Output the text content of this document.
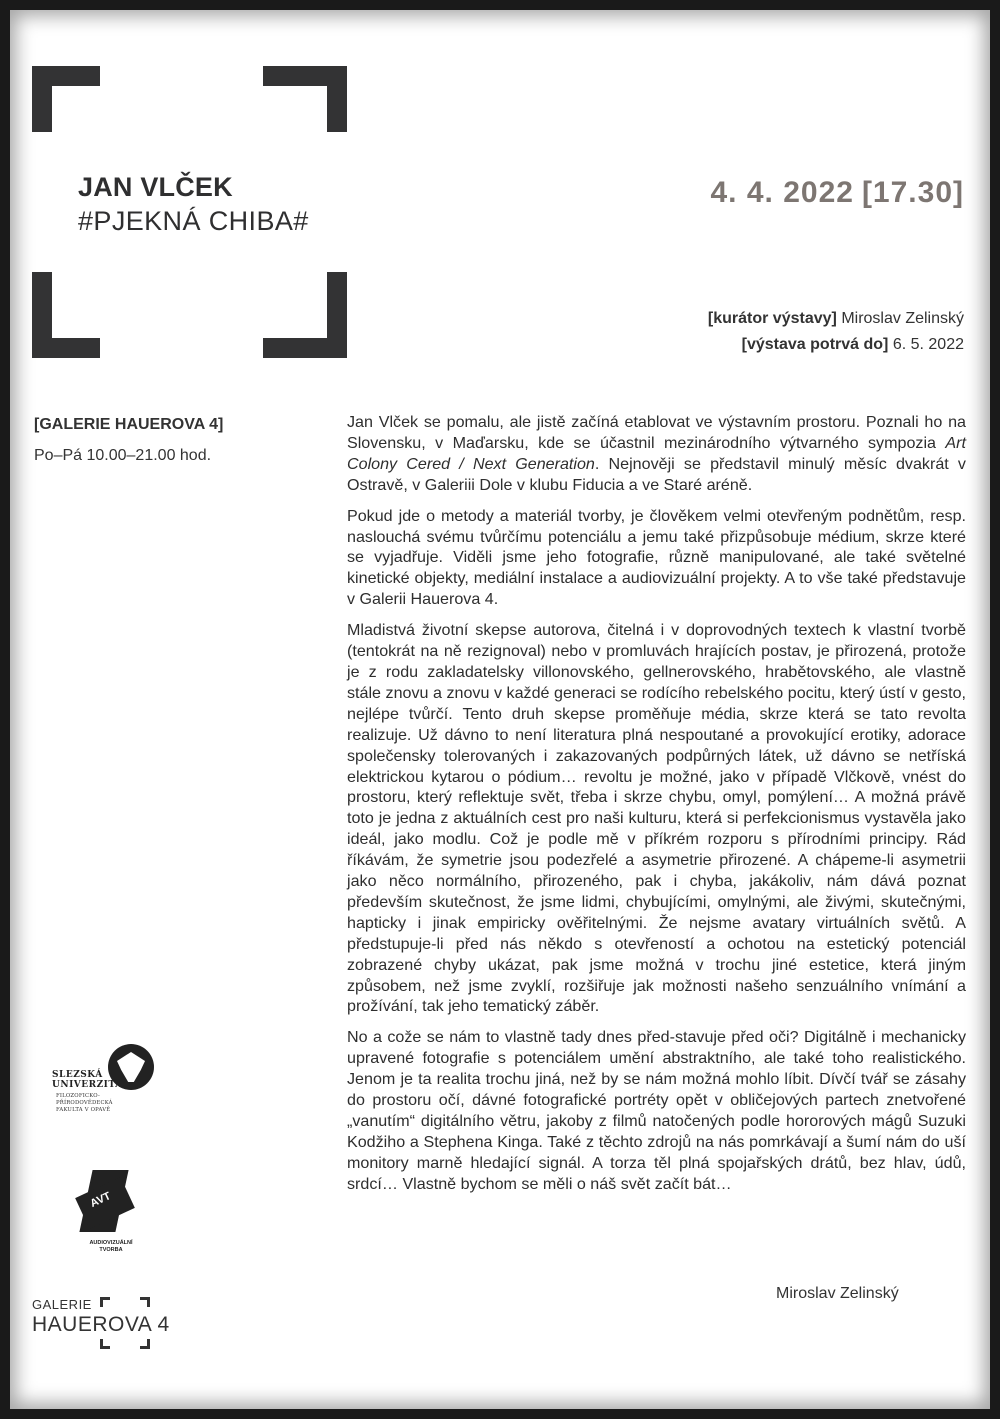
JAN VLČEK
#PJEKNÁ CHIBA#
4. 4. 2022 [17.30]
[kurátor výstavy] Miroslav Zelinský
[výstava potrvá do] 6. 5. 2022
[GALERIE HAUEROVA 4]
Po–Pá 10.00–21.00 hod.

Jan Vlček se pomalu, ale jistě začíná etablovat ve výstavním prostoru. Poznali ho na Slovensku, v Maďarsku, kde se účastnil mezinárodního výtvarného sympozia Art Colony Cered / Next Generation. Nejnověji se představil minulý měsíc dvakrát v Ostravě, v Galeriii Dole v klubu Fiducia a ve Staré aréně.

Pokud jde o metody a materiál tvorby, je člověkem velmi otevřeným podnětům, resp. naslouchá svému tvůrčímu potenciálu a jemu také přizpůsobuje médium, skrze které se vyjadřuje. Viděli jsme jeho fotografie, různě manipulované, ale také světelné kinetické objekty, mediální instalace a audiovizuální projekty. A to vše také představuje v Galerii Hauerova 4.

Mladistvá životní skepse autorova, čitelná i v doprovodných textech k vlastní tvorbě (tentokrát na ně rezignoval) nebo v promluvách hrajících postav, je přirozená, protože je z rodu zakladatelsky villonovského, gellnerovského, hrabětovského, ale vlastně stále znovu a znovu v každé generaci se rodícího rebelského pocitu, který ústí v gesto, nejlépe tvůrčí. Tento druh skepse proměňuje média, skrze která se tato revolta realizuje. Už dávno to není literatura plná nespoutané a provokující erotiky, adorace společensky tolerovaných i zakazovaných podpůrných látek, už dávno se netříská elektrickou kytarou o pódium… revoltu je možné, jako v případě Vlčkově, vnést do prostoru, který reflektuje svět, třeba i skrze chybu, omyl, pomýlení… A možná právě toto je jedna z aktuálních cest pro naši kulturu, která si perfekcionismus vystavěla jako ideál, jako modlu. Což je podle mě v příkrém rozporu s přírodními principy. Rád říkávám, že symetrie jsou podezřelé a asymetrie přirozené. A chápeme-li asymetrii jako něco normálního, přirozeného, pak i chyba, jakákoliv, nám dává poznat především skutečnost, že jsme lidmi, chybujícími, omylnými, ale živými, skutečnými, hapticky i jinak empiricky ověřitelnými. Že nejsme avatary virtuálních světů. A předstupuje-li před nás někdo s otevřeností a ochotou na estetický potenciál zobrazené chyby ukázat, pak jsme možná v trochu jiné estetice, která jiným způsobem, než jsme zvyklí, rozšiřuje jak možnosti našeho senzuálního vnímání a prožívání, tak jeho tematický záběr.

No a cože se nám to vlastně tady dnes před-stavuje před oči? Digitálně i mechanicky upravené fotografie s potenciálem umění abstraktního, ale také toho realistického. Jenom je ta realita trochu jiná, než by se nám možná mohlo líbit. Dívčí tvář se zásahy do prostoru očí, dávné fotografické portréty opět v obličejových partech znetvořené „vanutím“ digitálního větru, jakoby z filmů natočených podle hororových mágů Suzuki Kodžiho a Stephena Kinga. Také z těchto zdrojů na nás pomrkávají a šumí nám do uší monitory marně hledající signál. A torza těl plná spojařských drátů, bez hlav, údů, srdcí… Vlastně bychom se měli o náš svět začít bát…

Miroslav Zelinský
SLEZSKÁ
UNIVERZITA
FILOZOFICKO-
PŘÍRODOVĚDECKÁ
FAKULTA V OPAVĚ
AVT
AUDIOVIZUÁLNÍ
TVORBA
GALERIE
HAUEROVA 4
